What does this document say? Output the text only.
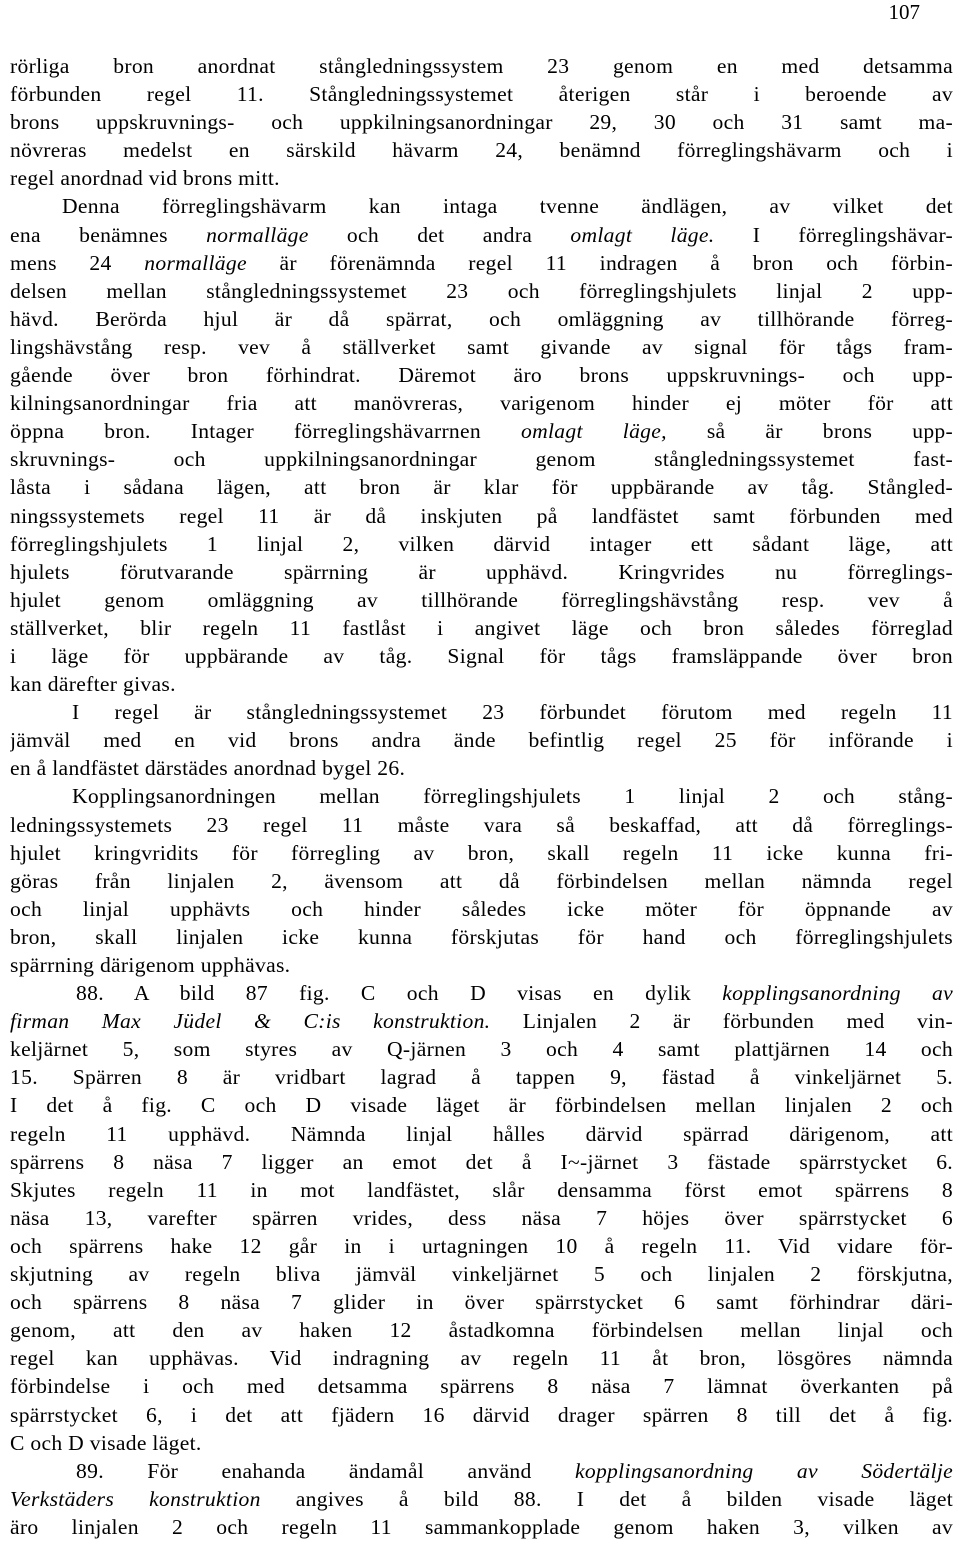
107
rörliga bron anordnat stångledningssystem 23 genom en med detsamma
förbunden regel 11. Stångledningssystemet återigen står i beroende av
brons uppskruvnings- och uppkilningsanordningar 29, 30 och 31 samt ma-
növreras medelst en särskild hävarm 24, benämnd förreglingshävarm och i
regel anordnad vid brons mitt.
Denna förreglingshävarm kan intaga tvenne ändlägen, av vilket det
ena benämnes normalläge och det andra omlagt läge. I förreglingshävar-
mens 24 normalläge är förenämnda regel 11 indragen å bron och förbin-
delsen mellan stångledningssystemet 23 och förreglingshjulets linjal 2 upp-
hävd. Berörda hjul är då spärrat, och omläggning av tillhörande förreg-
lingshävstång resp. vev å ställverket samt givande av signal för tågs fram-
gående över bron förhindrat. Däremot äro brons uppskruvnings- och upp-
kilningsanordningar fria att manövreras, varigenom hinder ej möter för att
öppna bron. Intager förreglingshävarrnen omlagt läge, så är brons upp-
skruvnings- och uppkilningsanordningar genom stångledningssystemet fast-
låsta i sådana lägen, att bron är klar för uppbärande av tåg. Stångled-
ningssystemets regel 11 är då inskjuten på landfästet samt förbunden med
förreglingshjulets 1 linjal 2, vilken därvid intager ett sådant läge, att
hjulets förutvarande spärrning är upphävd. Kringvrides nu förreglings-
hjulet genom omläggning av tillhörande förreglingshävstång resp. vev å
ställverket, blir regeln 11 fastlåst i angivet läge och bron således förreglad
i läge för uppbärande av tåg. Signal för tågs framsläppande över bron
kan därefter givas.
I regel är stångledningssystemet 23 förbundet förutom med regeln 11
jämväl med en vid brons andra ände befintlig regel 25 för införande i
en å landfästet därstädes anordnad bygel 26.
Kopplingsanordningen mellan förreglingshjulets 1 linjal 2 och stång-
ledningssystemets 23 regel 11 måste vara så beskaffad, att då förreglings-
hjulet kringvridits för förregling av bron, skall regeln 11 icke kunna fri-
göras från linjalen 2, ävensom att då förbindelsen mellan nämnda regel
och linjal upphävts och hinder således icke möter för öppnande av
bron, skall linjalen icke kunna förskjutas för hand och förreglingshjulets
spärrning därigenom upphävas.
88. A bild 87 fig. C och D visas en dylik kopplingsanordning av
firman Max Jüdel & C:is konstruktion. Linjalen 2 är förbunden med vin-
keljärnet 5, som styres av Q-järnen 3 och 4 samt plattjärnen 14 och
15. Spärren 8 är vridbart lagrad å tappen 9, fästad å vinkeljärnet 5.
I det å fig. C och D visade läget är förbindelsen mellan linjalen 2 och
regeln 11 upphävd. Nämnda linjal hålles därvid spärrad därigenom, att
spärrens 8 näsa 7 ligger an emot det å I~-järnet 3 fästade spärrstycket 6.
Skjutes regeln 11 in mot landfästet, slår densamma först emot spärrens 8
näsa 13, varefter spärren vrides, dess näsa 7 höjes över spärrstycket 6
och spärrens hake 12 går in i urtagningen 10 å regeln 11. Vid vidare för-
skjutning av regeln bliva jämväl vinkeljärnet 5 och linjalen 2 förskjutna,
och spärrens 8 näsa 7 glider in över spärrstycket 6 samt förhindrar däri-
genom, att den av haken 12 åstadkomna förbindelsen mellan linjal och
regel kan upphävas. Vid indragning av regeln 11 åt bron, lösgöres nämnda
förbindelse i och med detsamma spärrens 8 näsa 7 lämnat överkanten på
spärrstycket 6, i det att fjädern 16 därvid drager spärren 8 till det å fig.
C och D visade läget.
89. För enahanda ändamål använd kopplingsanordning av Södertälje
Verkstäders konstruktion angives å bild 88. I det å bilden visade läget
äro linjalen 2 och regeln 11 sammankopplade genom haken 3, vilken av
